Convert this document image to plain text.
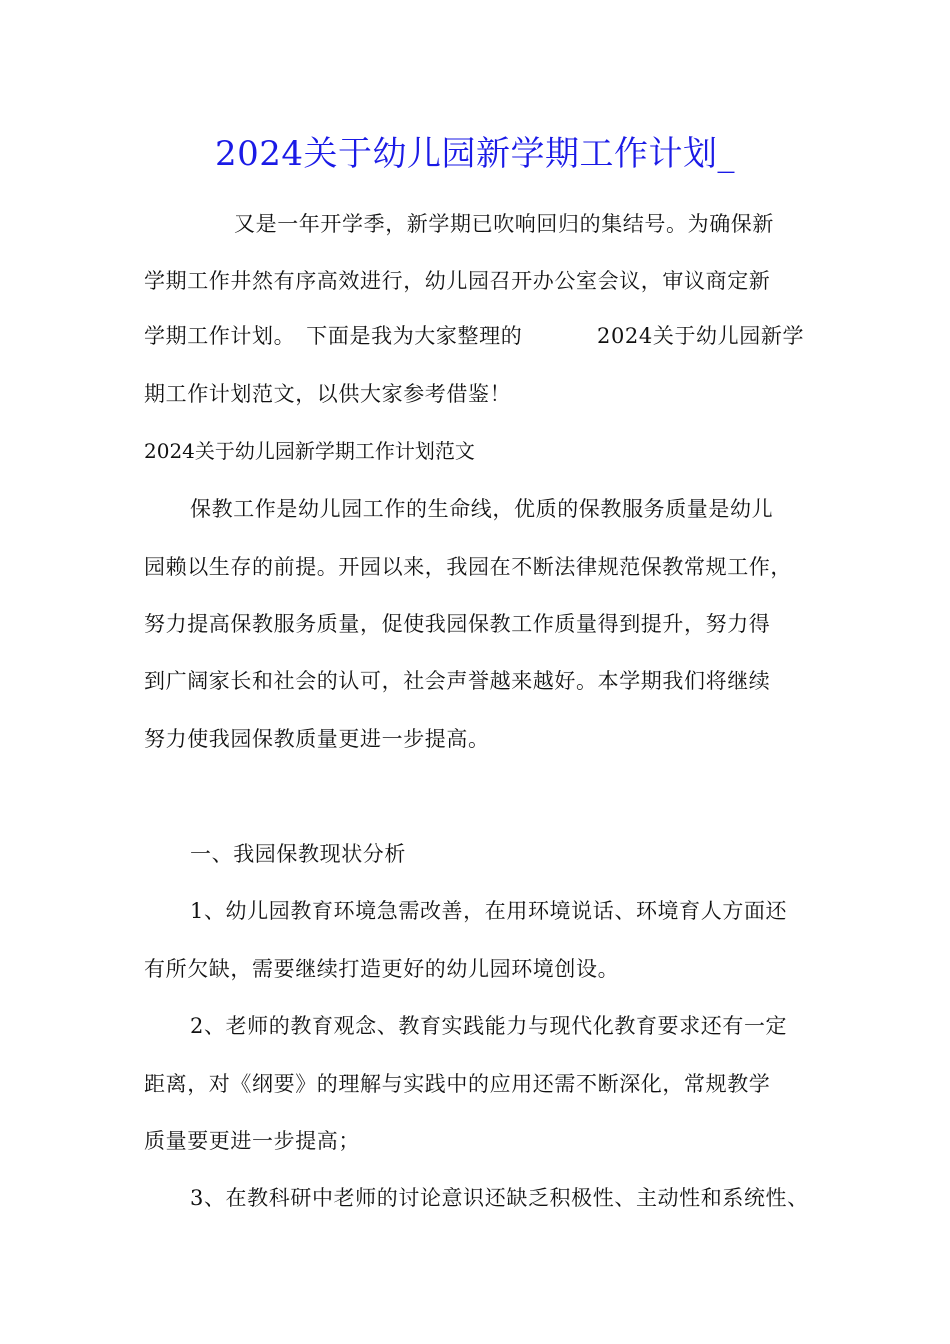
2024关于幼儿园新学期工作计划_
又是一年开学季，新学期已吹响回归的集结号。为确保新
学期工作井然有序高效进行，幼儿园召开办公室会议，审议商定新
学期工作计划。　下面是我为大家整理的	2024关于幼儿园新学
期工作计划范文，以供大家参考借鉴！
2024关于幼儿园新学期工作计划范文
保教工作是幼儿园工作的生命线，优质的保教服务质量是幼儿
园赖以生存的前提。开园以来，我园在不断法律规范保教常规工作，
努力提高保教服务质量，促使我园保教工作质量得到提升，努力得
到广阔家长和社会的认可，社会声誉越来越好。本学期我们将继续
努力使我园保教质量更进一步提高。
一、我园保教现状分析
1、幼儿园教育环境急需改善，在用环境说话、环境育人方面还
有所欠缺，需要继续打造更好的幼儿园环境创设。
2、老师的教育观念、教育实践能力与现代化教育要求还有一定
距离，对《纲要》的理解与实践中的应用还需不断深化，常规教学
质量要更进一步提高；
3、在教科研中老师的讨论意识还缺乏积极性、主动性和系统性、
